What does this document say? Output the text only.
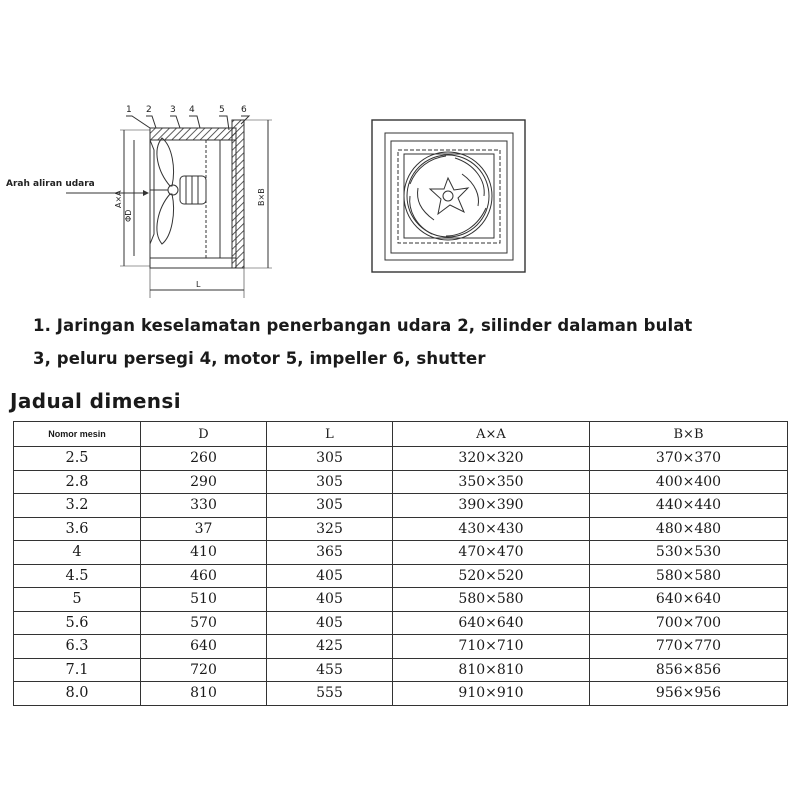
1 2 3 4	5 6
Arah aliran udara
A×A
ΦD
B×B
L
1. Jaringan keselamatan penerbangan udara 2, silinder dalaman bulat
3, peluru persegi 4, motor 5, impeller 6, shutter
Jadual dimensi
Nomor mesin	D	L	A×A	B×B
2.5	260	305	320×320	370×370
2.8	290	305	350×350	400×400
3.2	330	305	390×390	440×440
3.6	37	325	430×430	480×480
4	410	365	470×470	530×530
4.5	460	405	520×520	580×580
5	510	405	580×580	640×640
5.6	570	405	640×640	700×700
6.3	640	425	710×710	770×770
7.1	720	455	810×810	856×856
8.0	810	555	910×910	956×956
